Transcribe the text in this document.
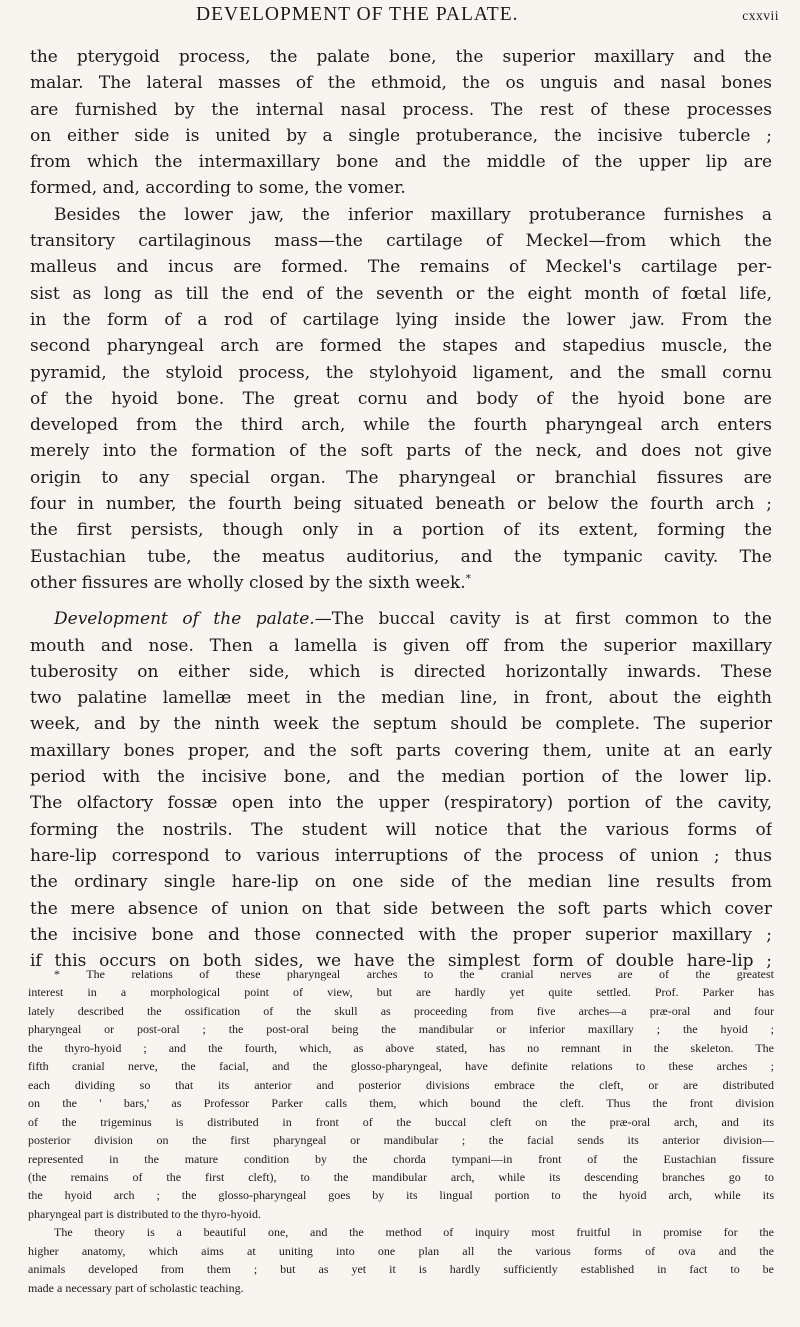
DEVELOPMENT OF THE PALATE.	cxxvii
the pterygoid process, the palate bone, the superior maxillary and the
malar. The lateral masses of the ethmoid, the os unguis and nasal bones
are furnished by the internal nasal process. The rest of these processes
on either side is united by a single protuberance, the incisive tubercle ;
from which the intermaxillary bone and the middle of the upper lip are
formed, and, according to some, the vomer.
Besides the lower jaw, the inferior maxillary protuberance furnishes a
transitory cartilaginous mass—the cartilage of Meckel—from which the
malleus and incus are formed. The remains of Meckel's cartilage per-
sist as long as till the end of the seventh or the eight month of fœtal life,
in the form of a rod of cartilage lying inside the lower jaw. From the
second pharyngeal arch are formed the stapes and stapedius muscle, the
pyramid, the styloid process, the stylohyoid ligament, and the small cornu
of the hyoid bone. The great cornu and body of the hyoid bone are
developed from the third arch, while the fourth pharyngeal arch enters
merely into the formation of the soft parts of the neck, and does not give
origin to any special organ. The pharyngeal or branchial fissures are
four in number, the fourth being situated beneath or below the fourth arch ;
the first persists, though only in a portion of its extent, forming the
Eustachian tube, the meatus auditorius, and the tympanic cavity. The
other fissures are wholly closed by the sixth week.*
Development of the palate.—The buccal cavity is at first common to the
mouth and nose. Then a lamella is given off from the superior maxillary
tuberosity on either side, which is directed horizontally inwards. These
two palatine lamellæ meet in the median line, in front, about the eighth
week, and by the ninth week the septum should be complete. The superior
maxillary bones proper, and the soft parts covering them, unite at an early
period with the incisive bone, and the median portion of the lower lip.
The olfactory fossæ open into the upper (respiratory) portion of the cavity,
forming the nostrils. The student will notice that the various forms of
hare-lip correspond to various interruptions of the process of union ; thus
the ordinary single hare-lip on one side of the median line results from
the mere absence of union on that side between the soft parts which cover
the incisive bone and those connected with the proper superior maxillary ;
if this occurs on both sides, we have the simplest form of double hare-lip ;
* The relations of these pharyngeal arches to the cranial nerves are of the greatest
interest in a morphological point of view, but are hardly yet quite settled. Prof. Parker has
lately described the ossification of the skull as proceeding from five arches—a præ-oral and four
pharyngeal or post-oral ; the post-oral being the mandibular or inferior maxillary ; the hyoid ;
the thyro-hyoid ; and the fourth, which, as above stated, has no remnant in the skeleton. The
fifth cranial nerve, the facial, and the glosso-pharyngeal, have definite relations to these arches ;
each dividing so that its anterior and posterior divisions embrace the cleft, or are distributed
on the ' bars,' as Professor Parker calls them, which bound the cleft. Thus the front division
of the trigeminus is distributed in front of the buccal cleft on the præ-oral arch, and its
posterior division on the first pharyngeal or mandibular ; the facial sends its anterior division—
represented in the mature condition by the chorda tympani—in front of the Eustachian fissure
(the remains of the first cleft), to the mandibular arch, while its descending branches go to
the hyoid arch ; the glosso-pharyngeal goes by its lingual portion to the hyoid arch, while its
pharyngeal part is distributed to the thyro-hyoid.
The theory is a beautiful one, and the method of inquiry most fruitful in promise for the
higher anatomy, which aims at uniting into one plan all the various forms of ova and the
animals developed from them ; but as yet it is hardly sufficiently established in fact to be
made a necessary part of scholastic teaching.
